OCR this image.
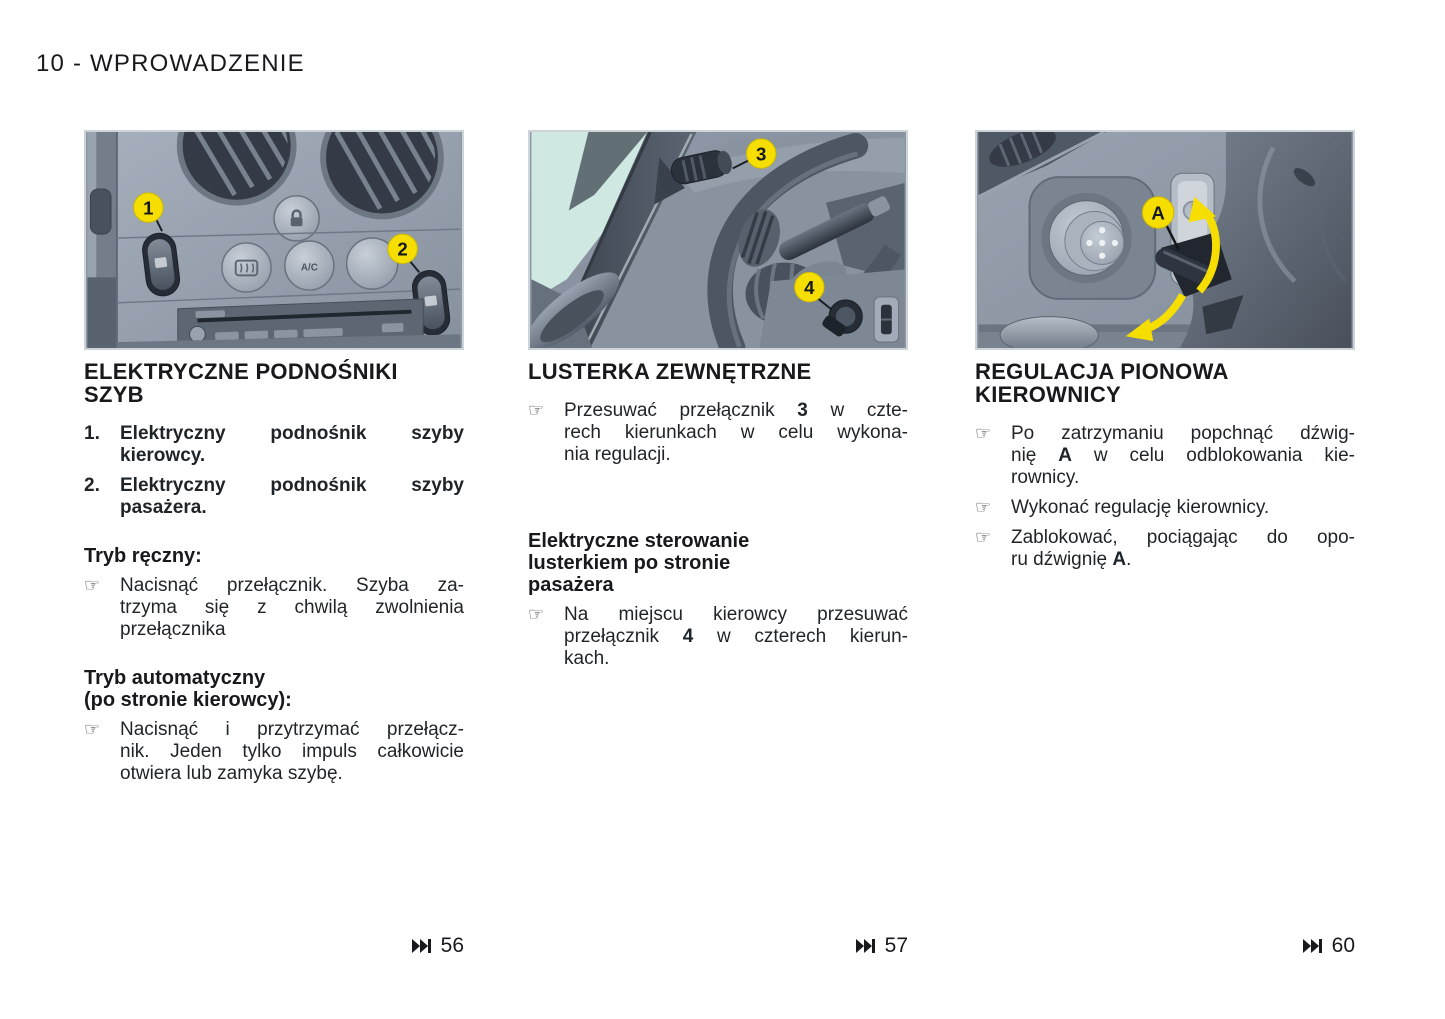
10 - WPROWADZENIE
A/C
1
2
ELEKTRYCZNE PODNOŚNIKI
SZYB
1.	Elektryczny podnośnik szyby
kierowcy.
2.	Elektryczny podnośnik szyby
pasażera.
Tryb ręczny:
☞	Nacisnąć przełącznik. Szyba za-
trzyma się z chwilą zwolnienia
przełącznika
Tryb automatyczny
(po stronie kierowcy):
☞	Nacisnąć i przytrzymać przełącz-
nik. Jeden tylko impuls całkowicie
otwiera lub zamyka szybę.
3
4
LUSTERKA ZEWNĘTRZNE
☞	Przesuwać przełącznik 3 w czte-
rech kierunkach w celu wykona-
nia regulacji.
Elektryczne sterowanie
lusterkiem po stronie
pasażera
☞	Na miejscu kierowcy przesuwać
przełącznik 4 w czterech kierun-
kach.
A
REGULACJA PIONOWA
KIEROWNICY
☞	Po zatrzymaniu popchnąć dźwig-
nię A w celu odblokowania kie-
rownicy.
☞	Wykonać regulację kierownicy.
☞	Zablokować, pociągając do opo-
ru dźwignię A.
56	57	60
